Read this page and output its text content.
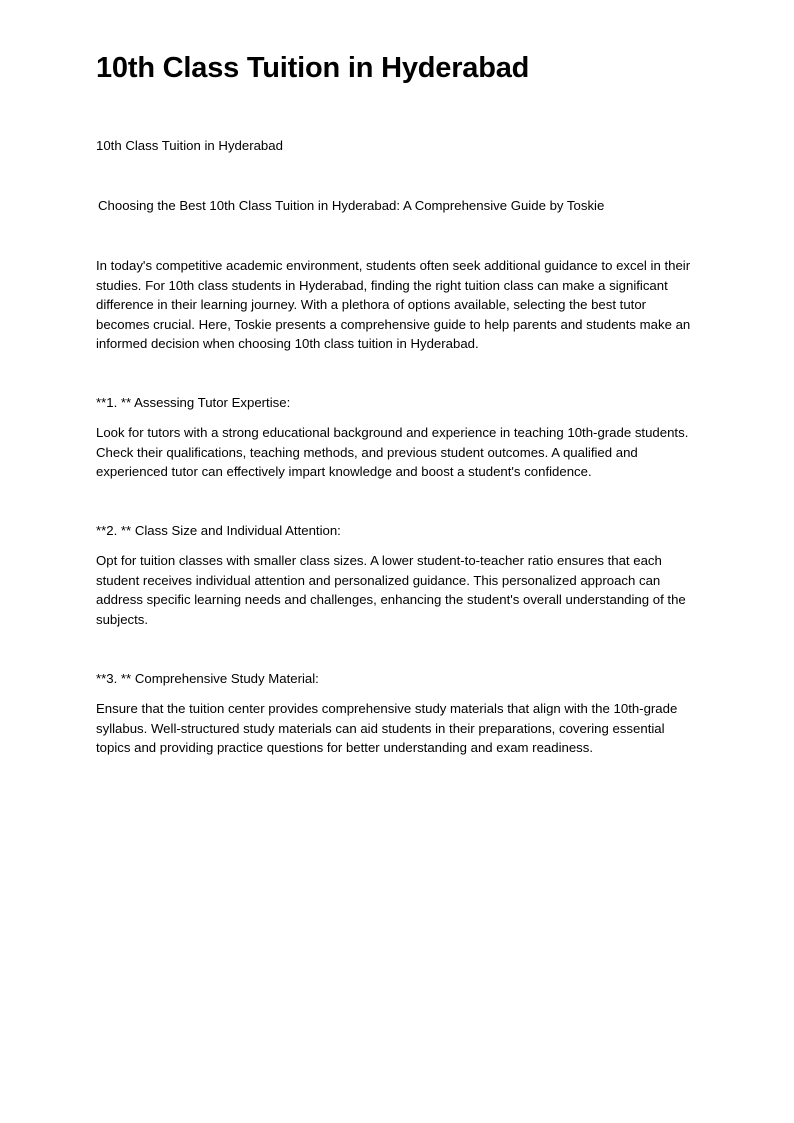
10th Class Tuition in Hyderabad

10th Class Tuition in Hyderabad

Choosing the Best 10th Class Tuition in Hyderabad: A Comprehensive Guide by Toskie

In today's competitive academic environment, students often seek additional guidance to excel in their studies. For 10th class students in Hyderabad, finding the right tuition class can make a significant difference in their learning journey. With a plethora of options available, selecting the best tutor becomes crucial. Here, Toskie presents a comprehensive guide to help parents and students make an informed decision when choosing 10th class tuition in Hyderabad.

**1. ** Assessing Tutor Expertise:

Look for tutors with a strong educational background and experience in teaching 10th-grade students. Check their qualifications, teaching methods, and previous student outcomes. A qualified and experienced tutor can effectively impart knowledge and boost a student's confidence.

**2. ** Class Size and Individual Attention:

Opt for tuition classes with smaller class sizes. A lower student-to-teacher ratio ensures that each student receives individual attention and personalized guidance. This personalized approach can address specific learning needs and challenges, enhancing the student's overall understanding of the subjects.

**3. ** Comprehensive Study Material:

Ensure that the tuition center provides comprehensive study materials that align with the 10th-grade syllabus. Well-structured study materials can aid students in their preparations, covering essential topics and providing practice questions for better understanding and exam readiness.
